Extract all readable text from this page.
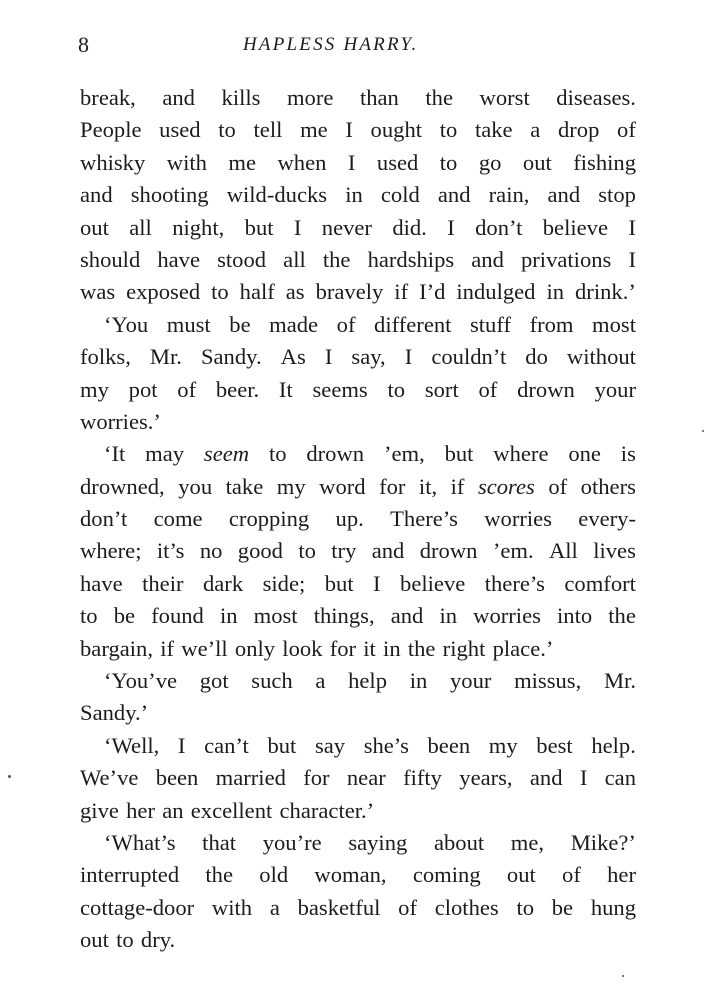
8	HAPLESS HARRY.
break, and kills more than the worst diseases.
People used to tell me I ought to take a drop of
whisky with me when I used to go out fishing
and shooting wild-ducks in cold and rain, and stop
out all night, but I never did. I don’t believe I
should have stood all the hardships and privations I
was exposed to half as bravely if I’d indulged in drink.’
‘You must be made of different stuff from most
folks, Mr. Sandy. As I say, I couldn’t do without
my pot of beer. It seems to sort of drown your
worries.’
‘It may seem to drown ’em, but where one is
drowned, you take my word for it, if scores of others
don’t come cropping up. There’s worries every-
where; it’s no good to try and drown ’em. All lives
have their dark side; but I believe there’s comfort
to be found in most things, and in worries into the
bargain, if we’ll only look for it in the right place.’
‘You’ve got such a help in your missus, Mr.
Sandy.’
‘Well, I can’t but say she’s been my best help.
We’ve been married for near fifty years, and I can
give her an excellent character.’
‘What’s that you’re saying about me, Mike?’
interrupted the old woman, coming out of her
cottage-door with a basketful of clothes to be hung
out to dry.
